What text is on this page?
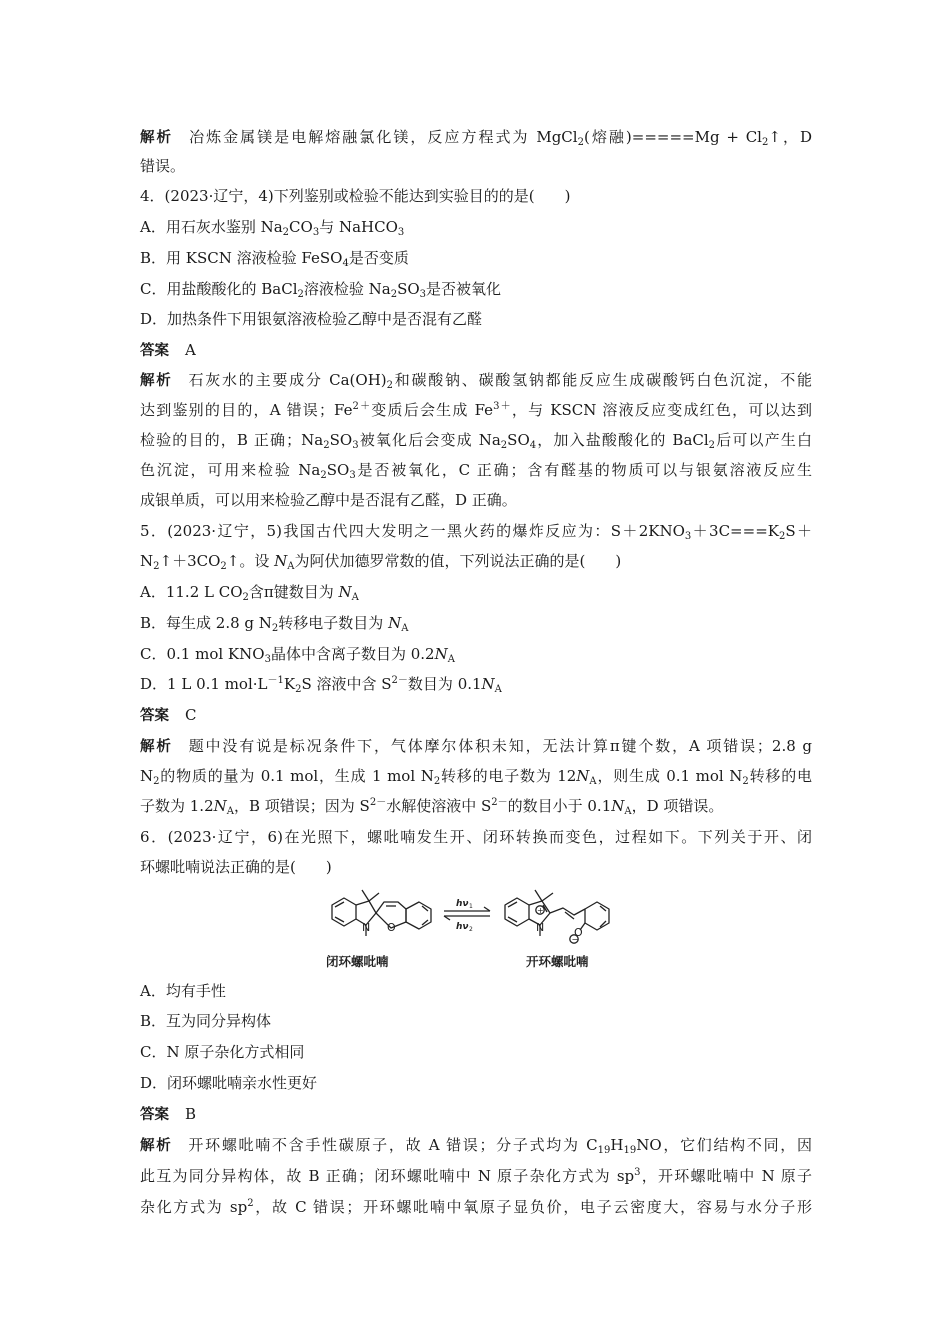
解析 冶炼金属镁是电解熔融氯化镁，反应方程式为 MgCl$_2$(熔融)$=====Mg + Cl_2↑$，D
错误。
4．(2023·辽宁，4)下列鉴别或检验不能达到实验目的的是(　　)
A．用石灰水鉴别 $Na_2CO_3$与 NaHCO$_3$
B．用 KSCN 溶液检验 FeSO$_4$是否变质
C．用盐酸酸化的 BaCl$_2$溶液检验 $Na_2SO_3$是否被氧化
D．加热条件下用银氨溶液检验乙醇中是否混有乙醛
答案 A
解析 石灰水的主要成分 $Ca(OH)_2$和碳酸钠、碳酸氢钠都能反应生成碳酸钙白色沉淀，不能
达到鉴别的目的，A 错误；$Fe^{2+}$变质后会生成 $Fe^{3+}$，与 KSCN 溶液反应变成红色，可以达到
检验的目的，B 正确；$Na_2SO_3$被氧化后会变成 $Na_2SO_4$，加入盐酸酸化的 BaCl$_2$后可以产生白
色沉淀，可用来检验 $Na_2SO_3$是否被氧化，C 正确；含有醛基的物质可以与银氨溶液反应生
成银单质，可以用来检验乙醇中是否混有乙醛，D 正确。
5．(2023·辽宁，5)我国古代四大发明之一黑火药的爆炸反应为：$S+2KNO_3+3C===K_2S+$
$N_2↑+3CO_2↑$。设 $N_A$为阿伏加德罗常数的值，下列说法正确的是(　　)
A．11.2 L $CO_2$含π键数目为 $N_A$
B．每生成 2.8 g $N_2$转移电子数目为 $N_A$
C．0.1 mol $KNO_3$晶体中含离子数目为 $0.2N_A$
D．1 L 0.1 $mol\cdot L^{-1}K_2S$ 溶液中含 $S^{2-}$数目为 $0.1N_A$
答案 C
解析 题中没有说是标况条件下，气体摩尔体积未知，无法计算π键个数，A 项错误；2.8 g
$N_2$的物质的量为 0.1 mol，生成 1 mol $N_2$转移的电子数为 $12N_A$，则生成 0.1 mol $N_2$转移的电
子数为 $1.2N_A$，B 项错误；因为 $S^{2-}$水解使溶液中 $S^{2-}$的数目小于 $0.1N_A$，D 项错误。
6．(2023·辽宁，6)在光照下，螺吡喃发生开、闭环转换而变色，过程如下。下列关于开、闭
环螺吡喃说法正确的是(　　)
N O	N	O
+
−
hν 1
hν 2
闭环螺吡喃	开环螺吡喃
A．均有手性
B．互为同分异构体
C．N 原子杂化方式相同
D．闭环螺吡喃亲水性更好
答案 B
解析 开环螺吡喃不含手性碳原子，故 A 错误；分子式均为 $C_{19}H_{19}NO$，它们结构不同，因
此互为同分异构体，故 B 正确；闭环螺吡喃中 N 原子杂化方式为 $sp^3$，开环螺吡喃中 N 原子
杂化方式为 $sp^2$，故 C 错误；开环螺吡喃中氧原子显负价，电子云密度大，容易与水分子形
